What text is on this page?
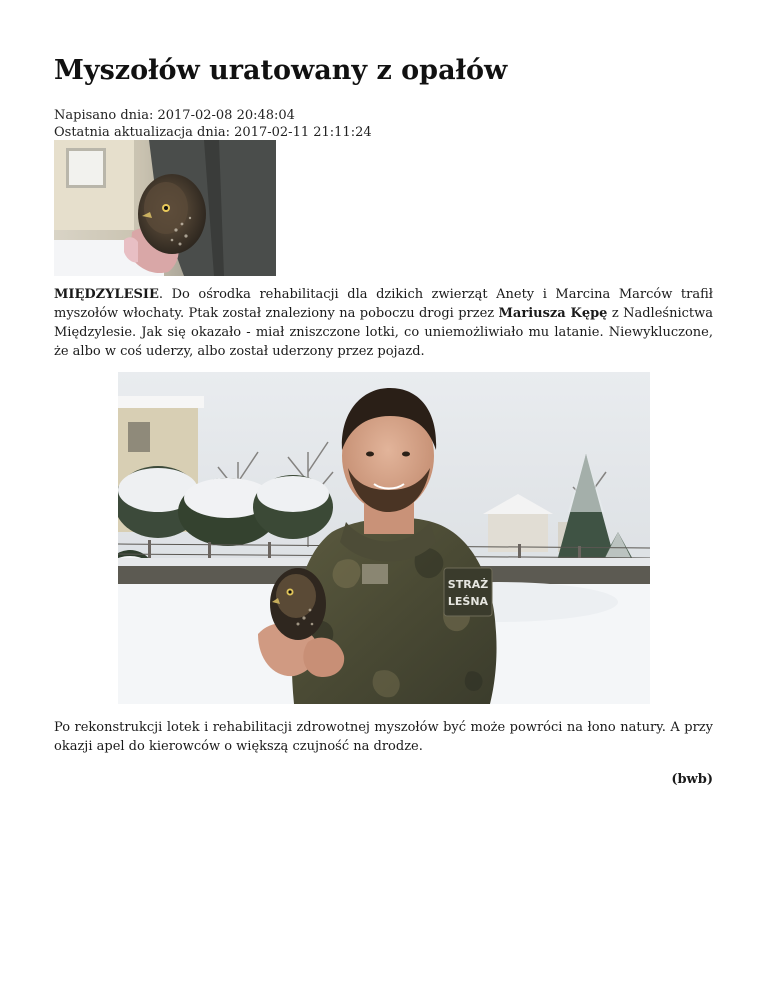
Myszołów uratowany z opałów
Napisano dnia: 2017-02-08 20:48:04
Ostatnia aktualizacja dnia: 2017-02-11 21:11:24

MIĘDZYLESIE. Do ośrodka rehabilitacji dla dzikich zwierząt Anety i Marcina Marców trafił myszołów włochaty. Ptak został znaleziony na poboczu drogi przez Mariusza Kępę z Nadleśnictwa Międzylesie. Jak się okazało - miał zniszczone lotki, co uniemożliwiało mu latanie. Niewykluczone, że albo w coś uderzy, albo został uderzony przez pojazd.

STRAŻ
LEŚNA

Po rekonstrukcji lotek i rehabilitacji zdrowotnej myszołów być może powróci na łono natury. A przy okazji apel do kierowców o większą czujność na drodze.

(bwb)
